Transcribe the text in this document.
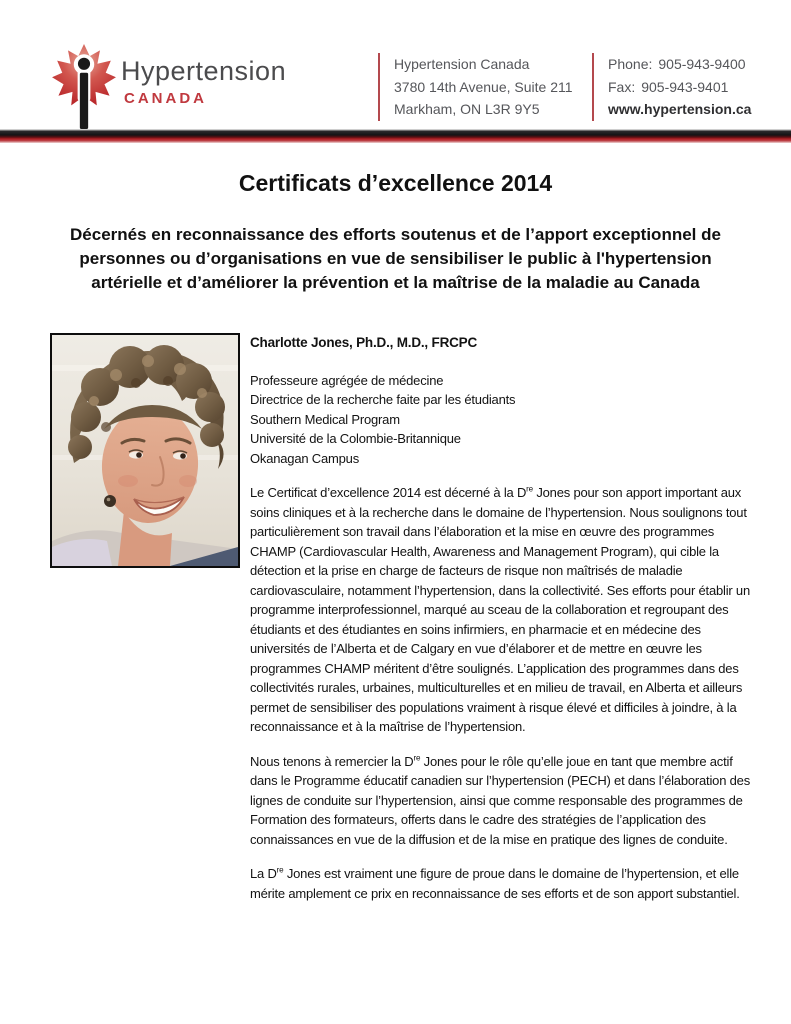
Hypertension
CANADA
Hypertension Canada
3780 14th Avenue, Suite 211
Markham, ON L3R 9Y5
Phone: 905-943-9400
Fax: 905-943-9401
www.hypertension.ca
Certificats d’excellence 2014
Décernés en reconnaissance des efforts soutenus et de l’apport exceptionnel de personnes ou d’organisations en vue de sensibiliser le public à l'hypertension artérielle et d’améliorer la prévention et la maîtrise de la maladie au Canada
Charlotte Jones, Ph.D., M.D., FRCPC
Professeure agrégée de médecine
Directrice de la recherche faite par les étudiants
Southern Medical Program
Université de la Colombie-Britannique
Okanagan Campus
Le Certificat d’excellence 2014 est décerné à la Dre Jones pour son apport important aux soins cliniques et à la recherche dans le domaine de l’hypertension. Nous soulignons tout particulièrement son travail dans l’élaboration et la mise en œuvre des programmes CHAMP (Cardiovascular Health, Awareness and Management Program), qui cible la détection et la prise en charge de facteurs de risque non maîtrisés de maladie cardiovasculaire, notamment l’hypertension, dans la collectivité. Ses efforts pour établir un programme interprofessionnel, marqué au sceau de la collaboration et regroupant des étudiants et des étudiantes en soins infirmiers, en pharmacie et en médecine des universités de l’Alberta et de Calgary en vue d’élaborer et de mettre en œuvre les programmes CHAMP méritent d’être soulignés. L’application des programmes dans des collectivités rurales, urbaines, multiculturelles et en milieu de travail, en Alberta et ailleurs permet de sensibiliser des populations vraiment à risque élevé et difficiles à joindre, à la reconnaissance et à la maîtrise de l’hypertension.
Nous tenons à remercier la Dre Jones pour le rôle qu’elle joue en tant que membre actif dans le Programme éducatif canadien sur l’hypertension (PECH) et dans l’élaboration des lignes de conduite sur l’hypertension, ainsi que comme responsable des programmes de Formation des formateurs, offerts dans le cadre des stratégies de l’application des connaissances en vue de la diffusion et de la mise en pratique des lignes de conduite.
La Dre Jones est vraiment une figure de proue dans le domaine de l’hypertension, et elle mérite amplement ce prix en reconnaissance de ses efforts et de son apport substantiel.
